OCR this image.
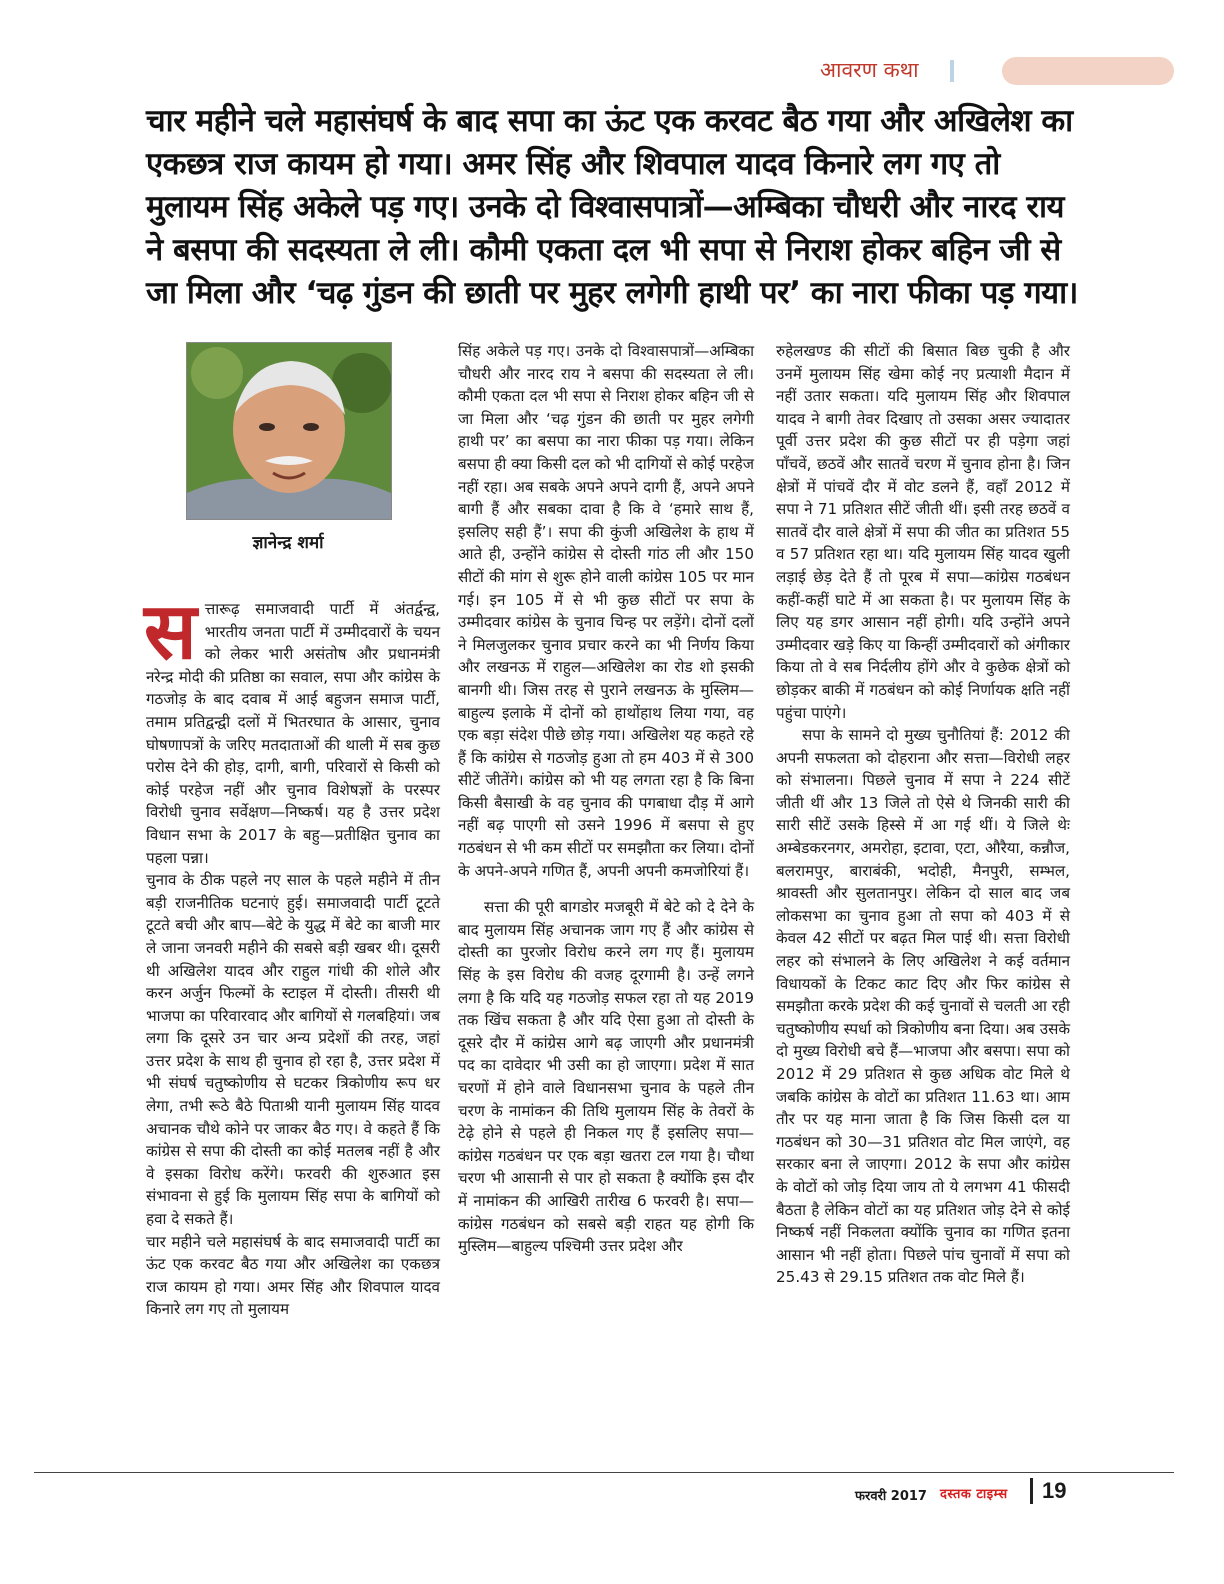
आवरण कथा
चार महीने चले महासंघर्ष के बाद सपा का ऊंट एक करवट बैठ गया और अखिलेश का एकछत्र राज कायम हो गया। अमर सिंह और शिवपाल यादव किनारे लग गए तो मुलायम सिंह अकेले पड़ गए। उनके दो विश्वासपात्रों—अम्बिका चौधरी और नारद राय ने बसपा की सदस्यता ले ली। कौमी एकता दल भी सपा से निराश होकर बहिन जी से जा मिला और ‘चढ़ गुंडन की छाती पर मुहर लगेगी हाथी पर’ का नारा फीका पड़ गया।
ज्ञानेन्द्र शर्मा
स त्तारूढ़ समाजवादी पार्टी में अंतर्द्वन्द्व, भारतीय जनता पार्टी में उम्मीदवारों के चयन को लेकर भारी असंतोष और प्रधानमंत्री नरेन्द्र मोदी की प्रतिष्ठा का सवाल, सपा और कांग्रेस के गठजोड़ के बाद दवाब में आई बहुजन समाज पार्टी, तमाम प्रतिद्वन्द्वी दलों में भितरघात के आसार, चुनाव घोषणापत्रों के जरिए मतदाताओं की थाली में सब कुछ परोस देने की होड़, दागी, बागी, परिवारों से किसी को कोई परहेज नहीं और चुनाव विशेषज्ञों के परस्पर विरोधी चुनाव सर्वेक्षण—निष्कर्ष। यह है उत्तर प्रदेश विधान सभा के 2017 के बहु—प्रतीक्षित चुनाव का पहला पन्ना।

चुनाव के ठीक पहले नए साल के पहले महीने में तीन बड़ी राजनीतिक घटनाएं हुई। समाजवादी पार्टी टूटते टूटते बची और बाप—बेटे के युद्ध में बेटे का बाजी मार ले जाना जनवरी महीने की सबसे बड़ी खबर थी। दूसरी थी अखिलेश यादव और राहुल गांधी की शोले और करन अर्जुन फिल्मों के स्टाइल में दोस्ती। तीसरी थी भाजपा का परिवारवाद और बागियों से गलबहियां। जब लगा कि दूसरे उन चार अन्य प्रदेशों की तरह, जहां उत्तर प्रदेश के साथ ही चुनाव हो रहा है, उत्तर प्रदेश में भी संघर्ष चतुष्कोणीय से घटकर त्रिकोणीय रूप धर लेगा, तभी रूठे बैठे पिताश्री यानी मुलायम सिंह यादव अचानक चौथे कोने पर जाकर बैठ गए। वे कहते हैं कि कांग्रेस से सपा की दोस्ती का कोई मतलब नहीं है और वे इसका विरोध करेंगे। फरवरी की शुरुआत इस संभावना से हुई कि मुलायम सिंह सपा के बागियों को हवा दे सकते हैं।

चार महीने चले महासंघर्ष के बाद समाजवादी पार्टी का ऊंट एक करवट बैठ गया और अखिलेश का एकछत्र राज कायम हो गया। अमर सिंह और शिवपाल यादव किनारे लग गए तो मुलायम

सिंह अकेले पड़ गए। उनके दो विश्वासपात्रों—अम्बिका चौधरी और नारद राय ने बसपा की सदस्यता ले ली। कौमी एकता दल भी सपा से निराश होकर बहिन जी से जा मिला और ‘चढ़ गुंडन की छाती पर मुहर लगेगी हाथी पर’ का बसपा का नारा फीका पड़ गया। लेकिन बसपा ही क्या किसी दल को भी दागियों से कोई परहेज नहीं रहा। अब सबके अपने अपने दागी हैं, अपने अपने बागी हैं और सबका दावा है कि वे ‘हमारे साथ हैं, इसलिए सही हैं’। सपा की कुंजी अखिलेश के हाथ में आते ही, उन्होंने कांग्रेस से दोस्ती गांठ ली और 150 सीटों की मांग से शुरू होने वाली कांग्रेस 105 पर मान गई। इन 105 में से भी कुछ सीटों पर सपा के उम्मीदवार कांग्रेस के चुनाव चिन्ह पर लड़ेंगे। दोनों दलों ने मिलजुलकर चुनाव प्रचार करने का भी निर्णय किया और लखनऊ में राहुल—अखिलेश का रोड शो इसकी बानगी थी। जिस तरह से पुराने लखनऊ के मुस्लिम—बाहुल्य इलाके में दोनों को हाथोंहाथ लिया गया, वह एक बड़ा संदेश पीछे छोड़ गया। अखिलेश यह कहते रहे हैं कि कांग्रेस से गठजोड़ हुआ तो हम 403 में से 300 सीटें जीतेंगे। कांग्रेस को भी यह लगता रहा है कि बिना किसी बैसाखी के वह चुनाव की पगबाधा दौड़ में आगे नहीं बढ़ पाएगी सो उसने 1996 में बसपा से हुए गठबंधन से भी कम सीटों पर समझौता कर लिया। दोनों के अपने-अपने गणित हैं, अपनी अपनी कमजोरियां हैं।

सत्ता की पूरी बागडोर मजबूरी में बेटे को दे देने के बाद मुलायम सिंह अचानक जाग गए हैं और कांग्रेस से दोस्ती का पुरजोर विरोध करने लग गए हैं। मुलायम सिंह के इस विरोध की वजह दूरगामी है। उन्हें लगने लगा है कि यदि यह गठजोड़ सफल रहा तो यह 2019 तक खिंच सकता है और यदि ऐसा हुआ तो दोस्ती के दूसरे दौर में कांग्रेस आगे बढ़ जाएगी और प्रधानमंत्री पद का दावेदार भी उसी का हो जाएगा। प्रदेश में सात चरणों में होने वाले विधानसभा चुनाव के पहले तीन चरण के नामांकन की तिथि मुलायम सिंह के तेवरों के टेढ़े होने से पहले ही निकल गए हैं इसलिए सपा—कांग्रेस गठबंधन पर एक बड़ा खतरा टल गया है। चौथा चरण भी आसानी से पार हो सकता है क्योंकि इस दौर में नामांकन की आखिरी तारीख 6 फरवरी है। सपा—कांग्रेस गठबंधन को सबसे बड़ी राहत यह होगी कि मुस्लिम—बाहुल्य पश्चिमी उत्तर प्रदेश और

रुहेलखण्ड की सीटों की बिसात बिछ चुकी है और उनमें मुलायम सिंह खेमा कोई नए प्रत्याशी मैदान में नहीं उतार सकता। यदि मुलायम सिंह और शिवपाल यादव ने बागी तेवर दिखाए तो उसका असर ज्यादातर पूर्वी उत्तर प्रदेश की कुछ सीटों पर ही पड़ेगा जहां पाँचवें, छठवें और सातवें चरण में चुनाव होना है। जिन क्षेत्रों में पांचवें दौर में वोट डलने हैं, वहाँ 2012 में सपा ने 71 प्रतिशत सीटें जीती थीं। इसी तरह छठवें व सातवें दौर वाले क्षेत्रों में सपा की जीत का प्रतिशत 55 व 57 प्रतिशत रहा था। यदि मुलायम सिंह यादव खुली लड़ाई छेड़ देते हैं तो पूरब में सपा—कांग्रेस गठबंधन कहीं-कहीं घाटे में आ सकता है। पर मुलायम सिंह के लिए यह डगर आसान नहीं होगी। यदि उन्होंने अपने उम्मीदवार खड़े किए या किन्हीं उम्मीदवारों को अंगीकार किया तो वे सब निर्दलीय होंगे और वे कुछेक क्षेत्रों को छोड़कर बाकी में गठबंधन को कोई निर्णायक क्षति नहीं पहुंचा पाएंगे।

सपा के सामने दो मुख्य चुनौतियां हैं: 2012 की अपनी सफलता को दोहराना और सत्ता—विरोधी लहर को संभालना। पिछले चुनाव में सपा ने 224 सीटें जीती थीं और 13 जिले तो ऐसे थे जिनकी सारी की सारी सीटें उसके हिस्से में आ गई थीं। ये जिले थेः अम्बेडकरनगर, अमरोहा, इटावा, एटा, औरैया, कन्नौज, बलरामपुर, बाराबंकी, भदोही, मैनपुरी, सम्भल, श्रावस्ती और सुलतानपुर। लेकिन दो साल बाद जब लोकसभा का चुनाव हुआ तो सपा को 403 में से केवल 42 सीटों पर बढ़त मिल पाई थी। सत्ता विरोधी लहर को संभालने के लिए अखिलेश ने कई वर्तमान विधायकों के टिकट काट दिए और फिर कांग्रेस से समझौता करके प्रदेश की कई चुनावों से चलती आ रही चतुष्कोणीय स्पर्धा को त्रिकोणीय बना दिया। अब उसके दो मुख्य विरोधी बचे हैं—भाजपा और बसपा। सपा को 2012 में 29 प्रतिशत से कुछ अधिक वोट मिले थे जबकि कांग्रेस के वोटों का प्रतिशत 11.63 था। आम तौर पर यह माना जाता है कि जिस किसी दल या गठबंधन को 30—31 प्रतिशत वोट मिल जाएंगे, वह सरकार बना ले जाएगा। 2012 के सपा और कांग्रेस के वोटों को जोड़ दिया जाय तो ये लगभग 41 फीसदी बैठता है लेकिन वोटों का यह प्रतिशत जोड़ देने से कोई निष्कर्ष नहीं निकलता क्योंकि चुनाव का गणित इतना आसान भी नहीं होता। पिछले पांच चुनावों में सपा को 25.43 से 29.15 प्रतिशत तक वोट मिले हैं।

फरवरी 2017 दस्तक टाइम्स 19
